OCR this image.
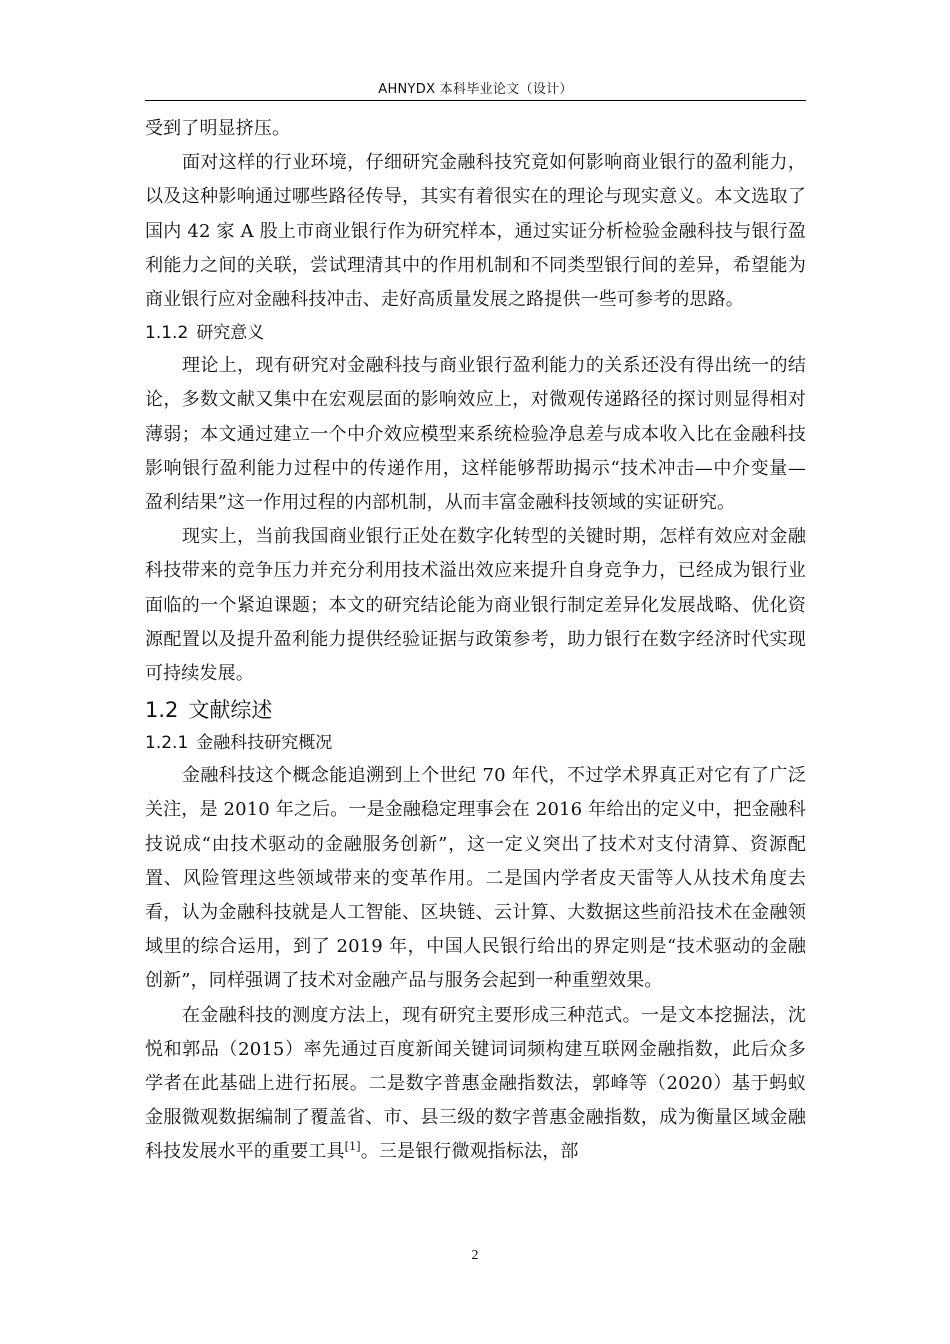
AHNYDX 本科毕业论文（设计）

受到了明显挤压。

面对这样的行业环境，仔细研究金融科技究竟如何影响商业银行的盈利能力，以及这种影响通过哪些路径传导，其实有着很实在的理论与现实意义。本文选取了国内 42 家 A 股上市商业银行作为研究样本，通过实证分析检验金融科技与银行盈利能力之间的关联，尝试理清其中的作用机制和不同类型银行间的差异，希望能为商业银行应对金融科技冲击、走好高质量发展之路提供一些可参考的思路。

1.1.2 研究意义

理论上，现有研究对金融科技与商业银行盈利能力的关系还没有得出统一的结论，多数文献又集中在宏观层面的影响效应上，对微观传递路径的探讨则显得相对薄弱；本文通过建立一个中介效应模型来系统检验净息差与成本收入比在金融科技影响银行盈利能力过程中的传递作用，这样能够帮助揭示“技术冲击—中介变量—盈利结果”这一作用过程的内部机制，从而丰富金融科技领域的实证研究。

现实上，当前我国商业银行正处在数字化转型的关键时期，怎样有效应对金融科技带来的竞争压力并充分利用技术溢出效应来提升自身竞争力，已经成为银行业面临的一个紧迫课题；本文的研究结论能为商业银行制定差异化发展战略、优化资源配置以及提升盈利能力提供经验证据与政策参考，助力银行在数字经济时代实现可持续发展。

1.2 文献综述
1.2.1 金融科技研究概况

金融科技这个概念能追溯到上个世纪 70 年代，不过学术界真正对它有了广泛关注，是 2010 年之后。一是金融稳定理事会在 2016 年给出的定义中，把金融科技说成“由技术驱动的金融服务创新”，这一定义突出了技术对支付清算、资源配置、风险管理这些领域带来的变革作用。二是国内学者皮天雷等人从技术角度去看，认为金融科技就是人工智能、区块链、云计算、大数据这些前沿技术在金融领域里的综合运用，到了 2019 年，中国人民银行给出的界定则是“技术驱动的金融创新”，同样强调了技术对金融产品与服务会起到一种重塑效果。

在金融科技的测度方法上，现有研究主要形成三种范式。一是文本挖掘法，沈悦和郭品（2015）率先通过百度新闻关键词词频构建互联网金融指数，此后众多学者在此基础上进行拓展。二是数字普惠金融指数法，郭峰等（2020）基于蚂蚁金服微观数据编制了覆盖省、市、县三级的数字普惠金融指数，成为衡量区域金融科技发展水平的重要工具[1]。三是银行微观指标法，部

2
